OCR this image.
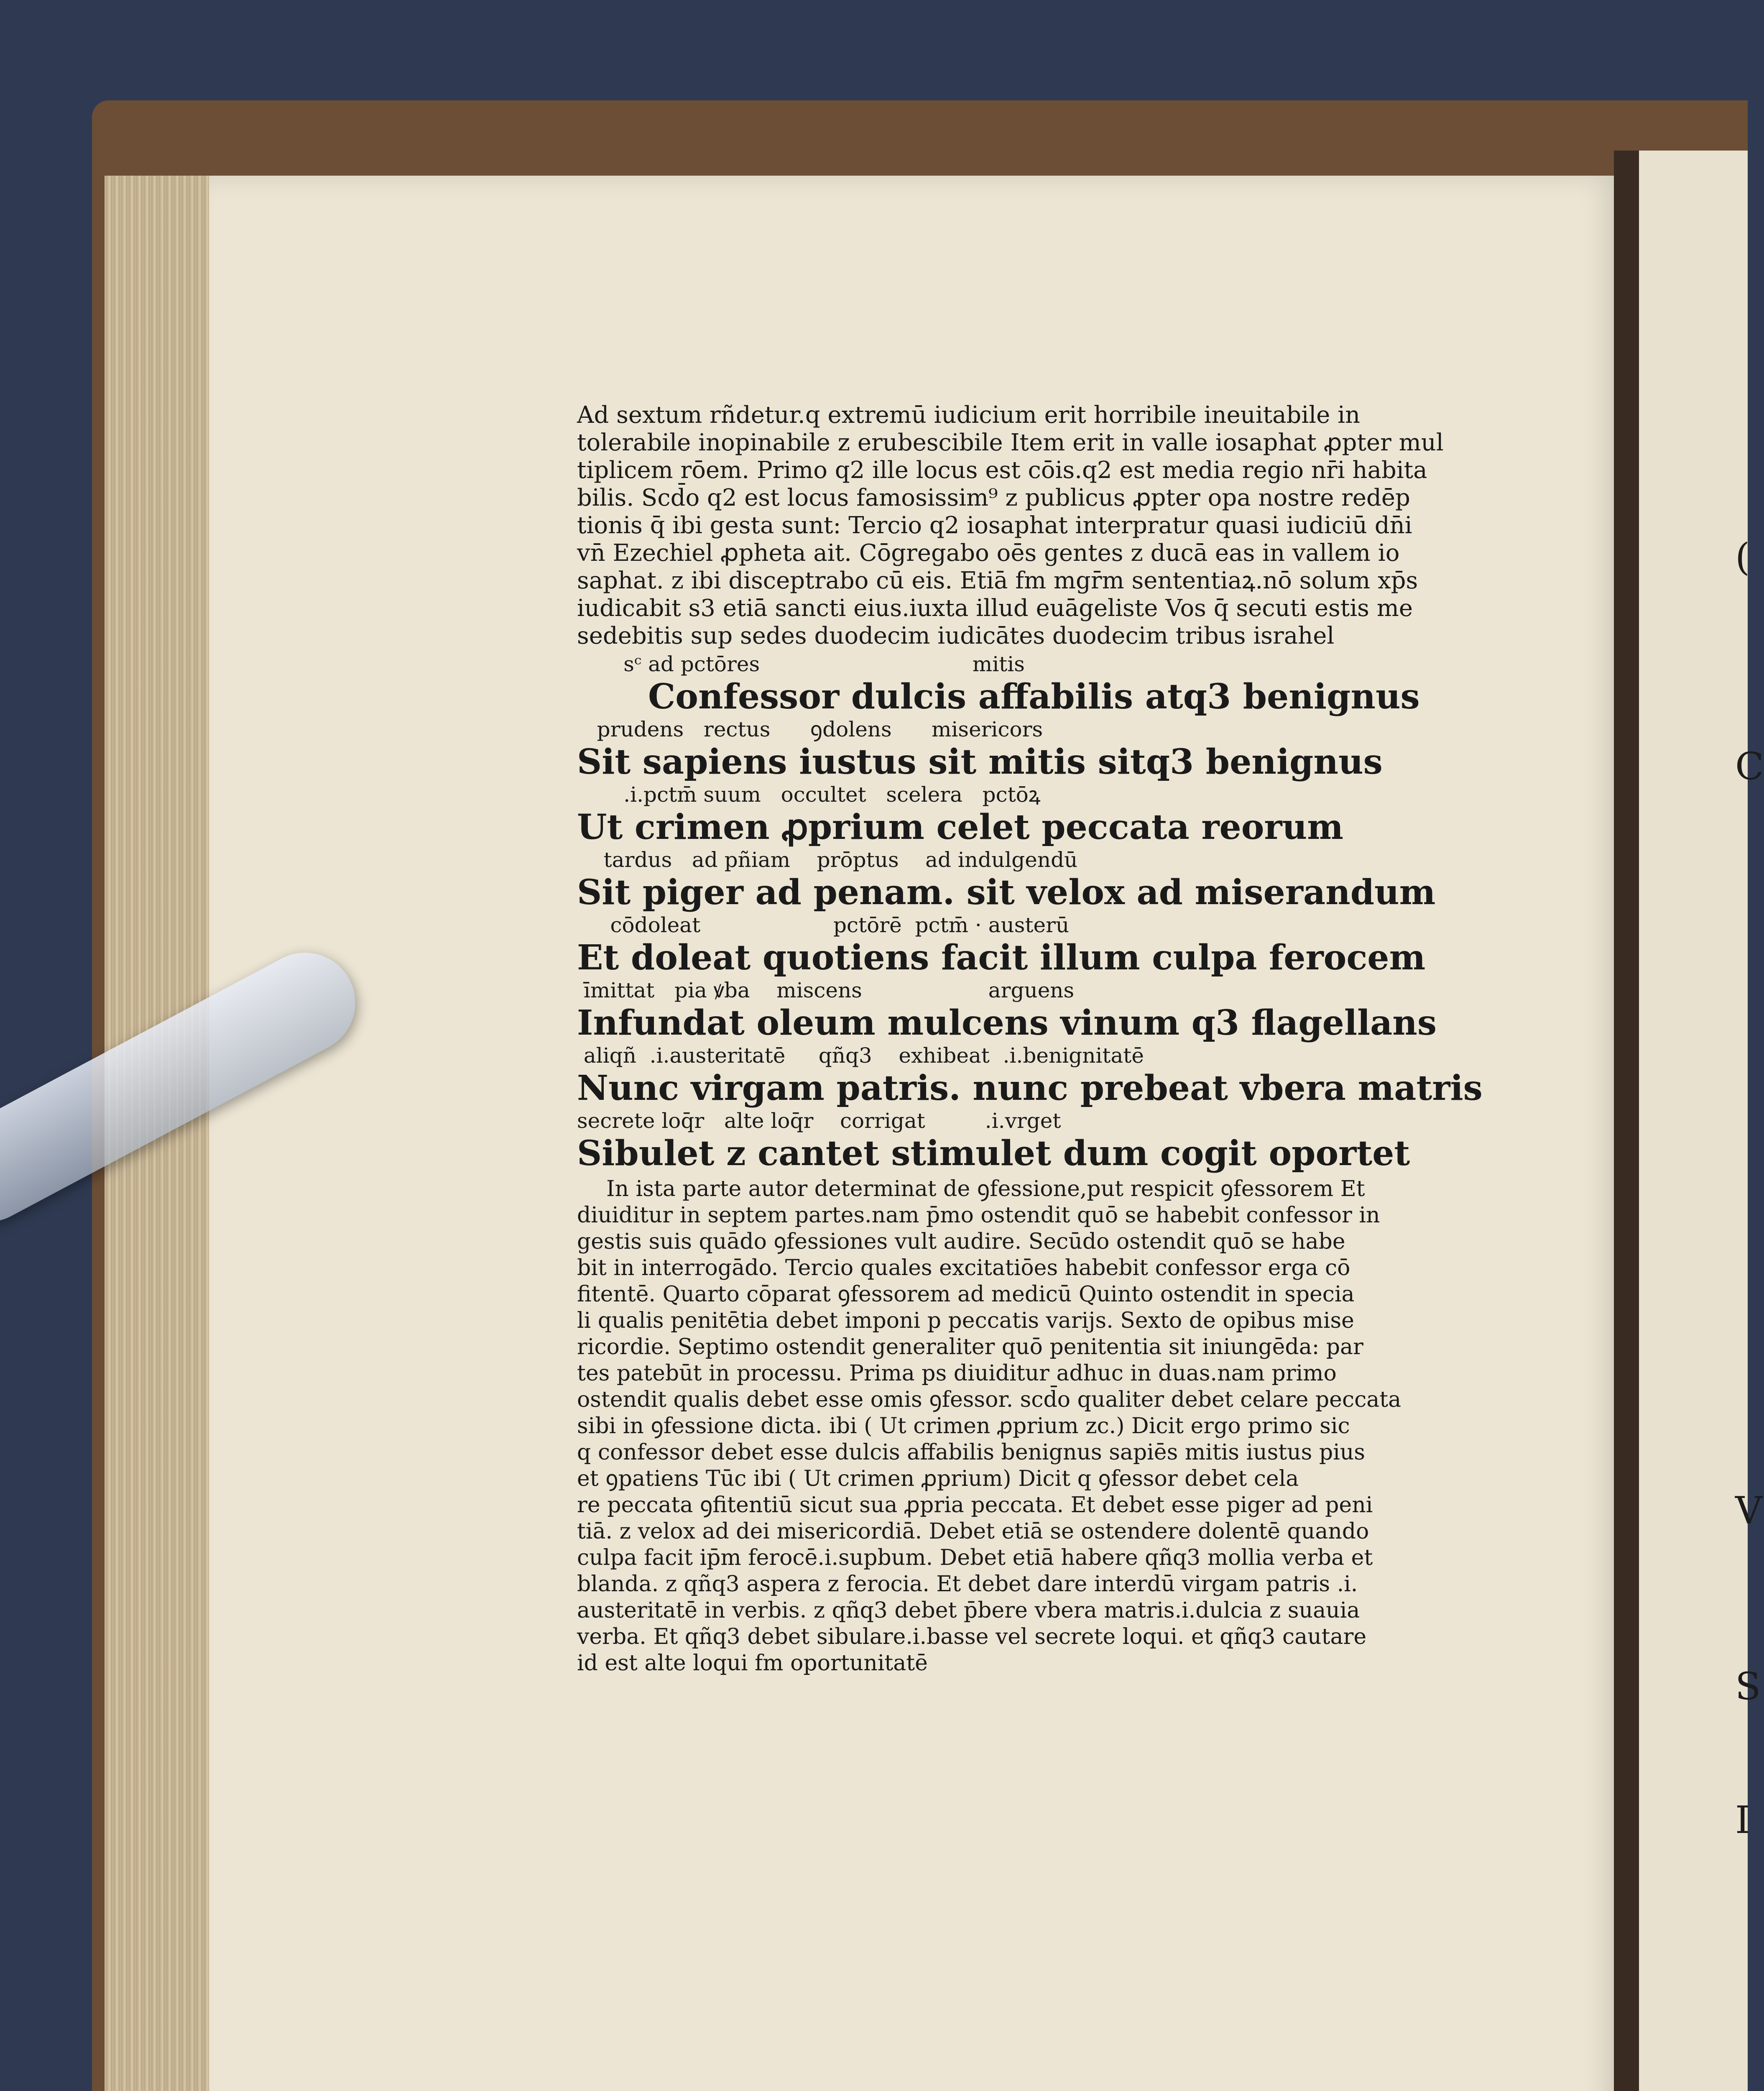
(
C
V
S
I
Ad sextum rñdetur.q extremū iudicium erit horribile ineuitabile in
tolerabile inopinabile z erubescibile Item erit in valle iosaphat ꝓpter mul
tiplicem rōem. Primo q2 ille locus est cōis.q2 est media regio nr̄i habita
bilis. Scd̄o q2 est locus famosissim⁹ z publicus ꝓpter opa nostre redēp
tionis q̄ ibi gesta sunt: Tercio q2 iosaphat interpratur quasi iudiciū dn̄i
vn̄ Ezechiel ꝓpheta ait. Cōgregabo oēs gentes z ducā eas in vallem io
saphat. z ibi disceptrabo cū eis. Etiā fm mgr̄m sententiaꝝ.nō solum xp̄s
iudicabit s3 etiā sancti eius.iuxta illud euāgeliste Vos q̄ secuti estis me
sedebitis sup sedes duodecim iudicātes duodecim tribus israhel
sᶜ ad pctōres                                mitis
Confessor dulcis affabilis atq3 benignus
prudens   rectus      ꝯdolens      misericors
Sit sapiens iustus sit mitis sitq3 benignus
.i.pctm̄ suum   occultet   scelera   pctōꝝ
Ut crimen ꝓprium celet peccata reorum
tardus   ad pñiam    prōptus    ad indulgendū
Sit piger ad penam. sit velox ad miserandum
cōdoleat                    pctōrē  pctm̄ · austerū
Et doleat quotiens facit illum culpa ferocem
īmittat   pia ꝟba    miscens                   arguens
Infundat oleum mulcens vinum q3 flagellans
aliqñ  .i.austeritatē     qñq3    exhibeat  .i.benignitatē
Nunc virgam patris. nunc prebeat vbera matris
secrete loq̄r   alte loq̄r    corrigat         .i.vrget
Sibulet z cantet stimulet dum cogit oportet
In ista parte autor determinat de ꝯfessione,put respicit ꝯfessorem Et
diuiditur in septem partes.nam p̄mo ostendit quō se habebit confessor in
gestis suis quādo ꝯfessiones vult audire. Secūdo ostendit quō se habe
bit in interrogādo. Tercio quales excitatiōes habebit confessor erga cō
fitentē. Quarto cōparat ꝯfessorem ad medicū Quinto ostendit in specia
li qualis penitētia debet imponi p peccatis varijs. Sexto de opibus mise
ricordie. Septimo ostendit generaliter quō penitentia sit iniungēda: par
tes patebūt in processu. Prima ps diuiditur adhuc in duas.nam primo
ostendit qualis debet esse omis ꝯfessor. scd̄o qualiter debet celare peccata
sibi in ꝯfessione dicta. ibi ( Ut crimen ꝓprium zc.) Dicit ergo primo sic
q confessor debet esse dulcis affabilis benignus sapiēs mitis iustus pius
et ꝯpatiens Tūc ibi ( Ut crimen ꝓprium) Dicit q ꝯfessor debet cela
re peccata ꝯfitentiū sicut sua ꝓpria peccata. Et debet esse piger ad peni
tiā. z velox ad dei misericordiā. Debet etiā se ostendere dolentē quando
culpa facit ip̄m ferocē.i.supbum. Debet etiā habere qñq3 mollia verba et
blanda. z qñq3 aspera z ferocia. Et debet dare interdū virgam patris .i.
austeritatē in verbis. z qñq3 debet p̄bere vbera matris.i.dulcia z suauia
verba. Et qñq3 debet sibulare.i.basse vel secrete loqui. et qñq3 cautare
id est alte loqui fm oportunitatē
